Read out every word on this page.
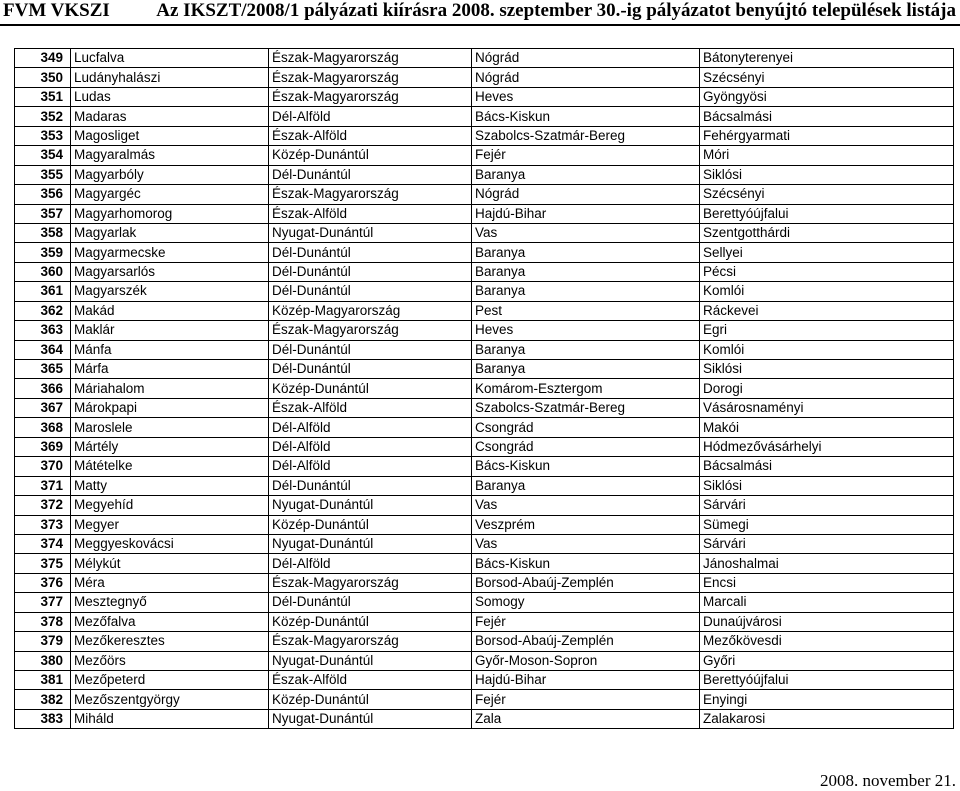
FVM VKSZI Az IKSZT/2008/1 pályázati kiírásra 2008. szeptember 30.-ig pályázatot benyújtó települések listája
349	Lucfalva	Észak-Magyarország	Nógrád	Bátonyterenyei
350	Ludányhalászi	Észak-Magyarország	Nógrád	Szécsényi
351	Ludas	Észak-Magyarország	Heves	Gyöngyösi
352	Madaras	Dél-Alföld	Bács-Kiskun	Bácsalmási
353	Magosliget	Észak-Alföld	Szabolcs-Szatmár-Bereg	Fehérgyarmati
354	Magyaralmás	Közép-Dunántúl	Fejér	Móri
355	Magyarbóly	Dél-Dunántúl	Baranya	Siklósi
356	Magyargéc	Észak-Magyarország	Nógrád	Szécsényi
357	Magyarhomorog	Észak-Alföld	Hajdú-Bihar	Berettyóújfalui
358	Magyarlak	Nyugat-Dunántúl	Vas	Szentgotthárdi
359	Magyarmecske	Dél-Dunántúl	Baranya	Sellyei
360	Magyarsarlós	Dél-Dunántúl	Baranya	Pécsi
361	Magyarszék	Dél-Dunántúl	Baranya	Komlói
362	Makád	Közép-Magyarország	Pest	Ráckevei
363	Maklár	Észak-Magyarország	Heves	Egri
364	Mánfa	Dél-Dunántúl	Baranya	Komlói
365	Márfa	Dél-Dunántúl	Baranya	Siklósi
366	Máriahalom	Közép-Dunántúl	Komárom-Esztergom	Dorogi
367	Márokpapi	Észak-Alföld	Szabolcs-Szatmár-Bereg	Vásárosnaményi
368	Maroslele	Dél-Alföld	Csongrád	Makói
369	Mártély	Dél-Alföld	Csongrád	Hódmezővásárhelyi
370	Mátételke	Dél-Alföld	Bács-Kiskun	Bácsalmási
371	Matty	Dél-Dunántúl	Baranya	Siklósi
372	Megyehíd	Nyugat-Dunántúl	Vas	Sárvári
373	Megyer	Közép-Dunántúl	Veszprém	Sümegi
374	Meggyeskovácsi	Nyugat-Dunántúl	Vas	Sárvári
375	Mélykút	Dél-Alföld	Bács-Kiskun	Jánoshalmai
376	Méra	Észak-Magyarország	Borsod-Abaúj-Zemplén	Encsi
377	Mesztegnyő	Dél-Dunántúl	Somogy	Marcali
378	Mezőfalva	Közép-Dunántúl	Fejér	Dunaújvárosi
379	Mezőkeresztes	Észak-Magyarország	Borsod-Abaúj-Zemplén	Mezőkövesdi
380	Mezőörs	Nyugat-Dunántúl	Győr-Moson-Sopron	Győri
381	Mezőpeterd	Észak-Alföld	Hajdú-Bihar	Berettyóújfalui
382	Mezőszentgyörgy	Közép-Dunántúl	Fejér	Enyingi
383	Miháld	Nyugat-Dunántúl	Zala	Zalakarosi
2008. november 21.
